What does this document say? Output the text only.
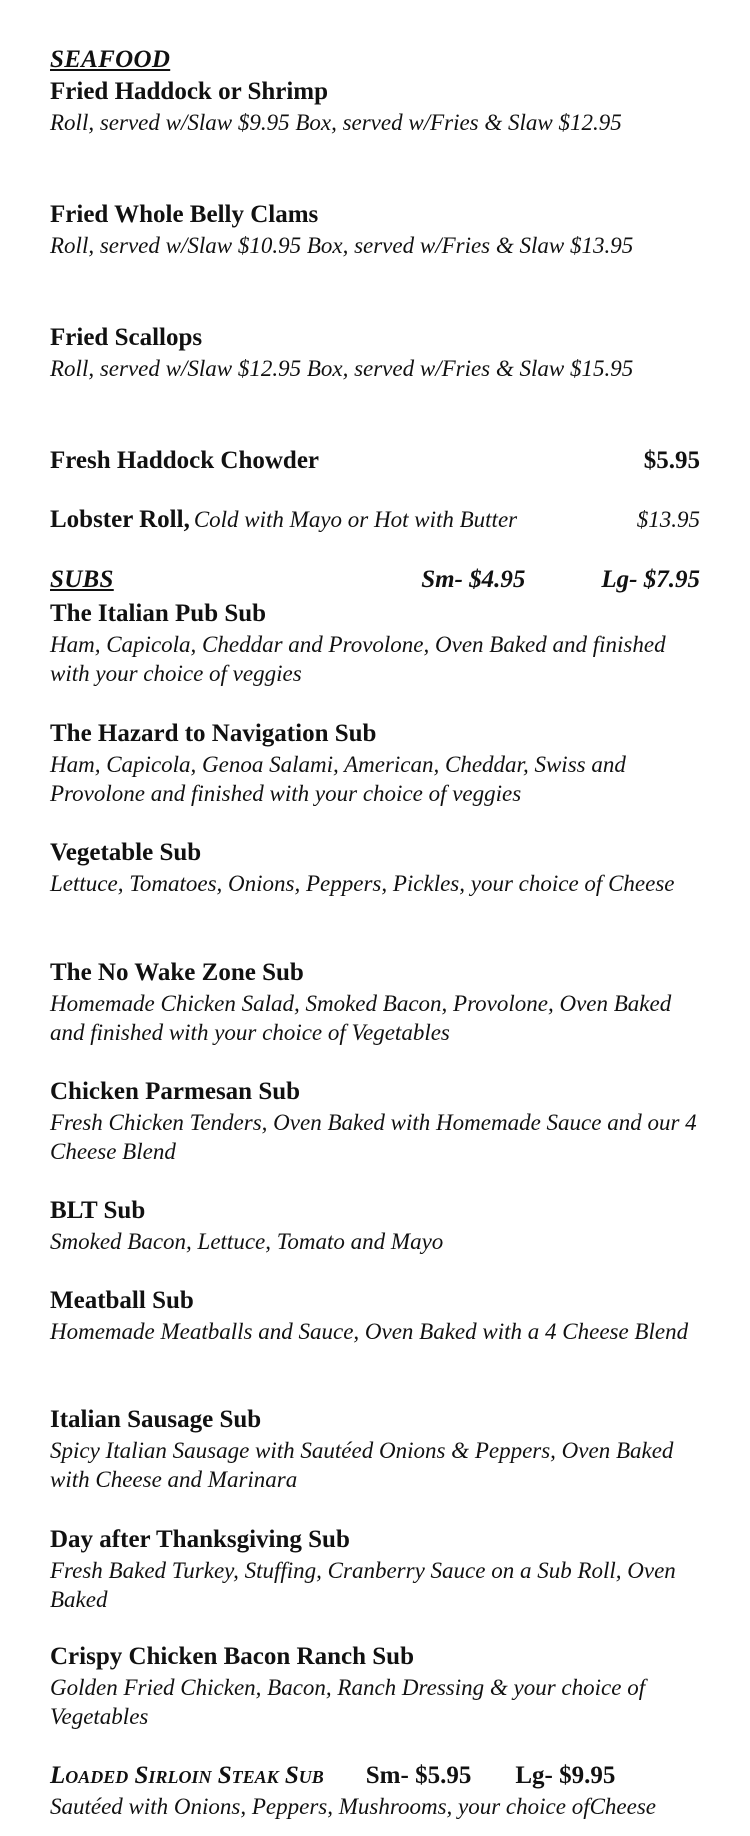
SEAFOOD
Fried Haddock or Shrimp
Roll, served w/Slaw $9.95 Box, served w/Fries & Slaw $12.95
Fried Whole Belly Clams
Roll, served w/Slaw $10.95 Box, served w/Fries & Slaw $13.95
Fried Scallops
Roll, served w/Slaw $12.95 Box, served w/Fries & Slaw $15.95
Fresh Haddock Chowder	$5.95
Lobster Roll, Cold with Mayo or Hot with Butter	$13.95
SUBS	Sm- $4.95	Lg- $7.95
The Italian Pub Sub
Ham, Capicola, Cheddar and Provolone, Oven Baked and finished with your choice of veggies
The Hazard to Navigation Sub
Ham, Capicola, Genoa Salami, American, Cheddar, Swiss and Provolone and finished with your choice of veggies
Vegetable Sub
Lettuce, Tomatoes, Onions, Peppers, Pickles, your choice of Cheese
The No Wake Zone Sub
Homemade Chicken Salad, Smoked Bacon, Provolone, Oven Baked and finished with your choice of Vegetables
Chicken Parmesan Sub
Fresh Chicken Tenders, Oven Baked with Homemade Sauce and our 4 Cheese Blend
BLT Sub
Smoked Bacon, Lettuce, Tomato and Mayo
Meatball Sub
Homemade Meatballs and Sauce, Oven Baked with a 4 Cheese Blend
Italian Sausage Sub
Spicy Italian Sausage with Sautéed Onions & Peppers, Oven Baked with Cheese and Marinara
Day after Thanksgiving Sub
Fresh Baked Turkey, Stuffing, Cranberry Sauce on a Sub Roll, Oven Baked
Crispy Chicken Bacon Ranch Sub
Golden Fried Chicken, Bacon, Ranch Dressing & your choice of Vegetables
Loaded Sirloin Steak Sub Sm- $5.95 Lg- $9.95
Sautéed with Onions, Peppers, Mushrooms, your choice ofCheese
